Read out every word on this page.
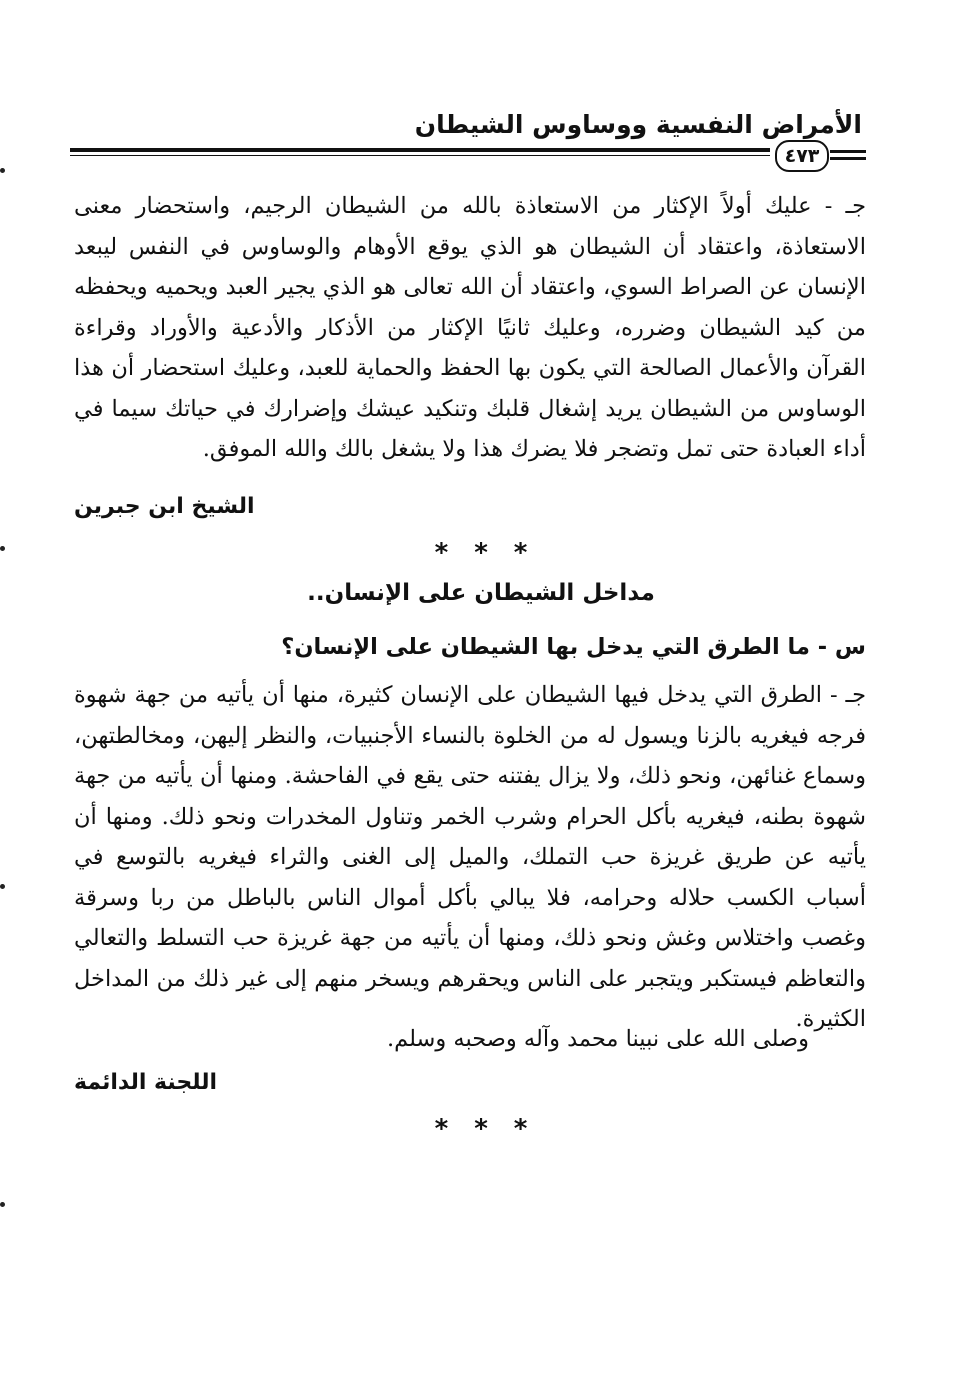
الأمراض النفسية ووساوس الشيطان
٤٧٣

جـ - عليك أولاً الإكثار من الاستعاذة بالله من الشيطان الرجيم، واستحضار معنى الاستعاذة، واعتقاد أن الشيطان هو الذي يوقع الأوهام والوساوس في النفس ليبعد الإنسان عن الصراط السوي، واعتقاد أن الله تعالى هو الذي يجير العبد ويحميه ويحفظه من كيد الشيطان وضرره، وعليك ثانيًا الإكثار من الأذكار والأدعية والأوراد وقراءة القرآن والأعمال الصالحة التي يكون بها الحفظ والحماية للعبد، وعليك استحضار أن هذا الوساوس من الشيطان يريد إشغال قلبك وتنكيد عيشك وإضرارك في حياتك سيما في أداء العبادة حتى تمل وتضجر فلا يضرك هذا ولا يشغل بالك والله الموفق.

الشيخ ابن جبرين
***
مداخل الشيطان على الإنسان..
س - ما الطرق التي يدخل بها الشيطان على الإنسان؟

جـ - الطرق التي يدخل فيها الشيطان على الإنسان كثيرة، منها أن يأتيه من جهة شهوة فرجه فيغريه بالزنا ويسول له من الخلوة بالنساء الأجنبيات، والنظر إليهن، ومخالطتهن، وسماع غنائهن، ونحو ذلك، ولا يزال يفتنه حتى يقع في الفاحشة. ومنها أن يأتيه من جهة شهوة بطنه، فيغريه بأكل الحرام وشرب الخمر وتناول المخدرات ونحو ذلك. ومنها أن يأتيه عن طريق غريزة حب التملك، والميل إلى الغنى والثراء فيغريه بالتوسع في أسباب الكسب حلاله وحرامه، فلا يبالي بأكل أموال الناس بالباطل من ربا وسرقة وغصب واختلاس وغش ونحو ذلك، ومنها أن يأتيه من جهة غريزة حب التسلط والتعالي والتعاظم فيستكبر ويتجبر على الناس ويحقرهم ويسخر منهم إلى غير ذلك من المداخل الكثيرة.

وصلى الله على نبينا محمد وآله وصحبه وسلم.
اللجنة الدائمة
***
